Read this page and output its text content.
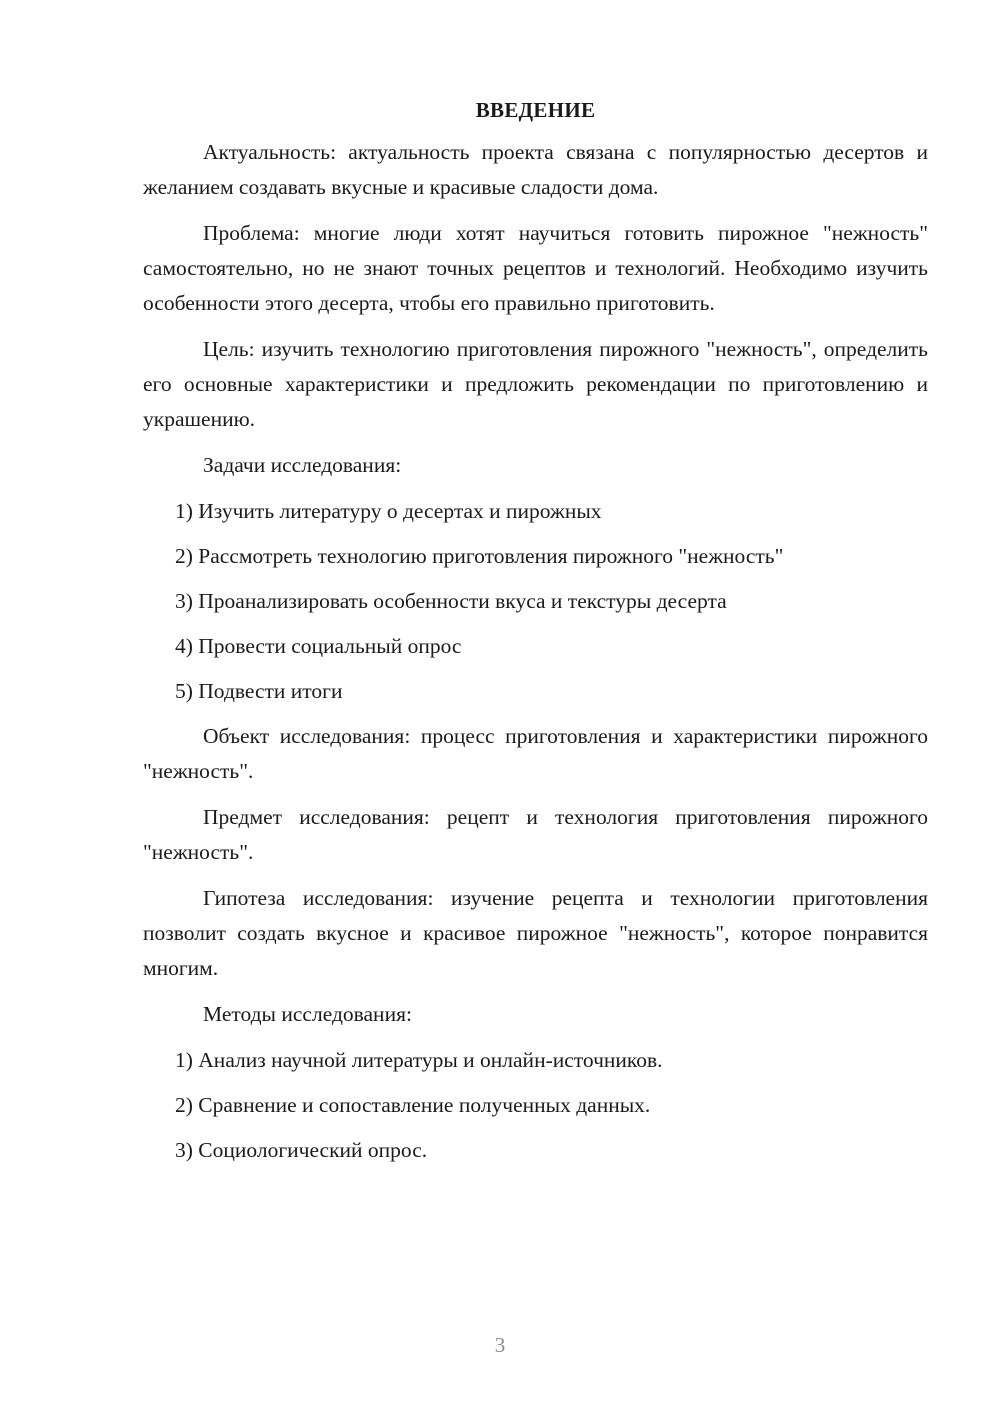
ВВЕДЕНИЕ

Актуальность: актуальность проекта связана с популярностью десертов и желанием создавать вкусные и красивые сладости дома.

Проблема: многие люди хотят научиться готовить пирожное "нежность" самостоятельно, но не знают точных рецептов и технологий. Необходимо изучить особенности этого десерта, чтобы его правильно приготовить.

Цель: изучить технологию приготовления пирожного "нежность", определить его основные характеристики и предложить рекомендации по приготовлению и украшению.

Задачи исследования:

1) Изучить литературу о десертах и пирожных
2) Рассмотреть технологию приготовления пирожного "нежность"
3) Проанализировать особенности вкуса и текстуры десерта
4) Провести социальный опрос
5) Подвести итоги

Объект исследования: процесс приготовления и характеристики пирожного "нежность".

Предмет исследования: рецепт и технология приготовления пирожного "нежность".

Гипотеза исследования: изучение рецепта и технологии приготовления позволит создать вкусное и красивое пирожное "нежность", которое понравится многим.

Методы исследования:

1) Анализ научной литературы и онлайн-источников.
2) Сравнение и сопоставление полученных данных.
3) Социологический опрос.
3
